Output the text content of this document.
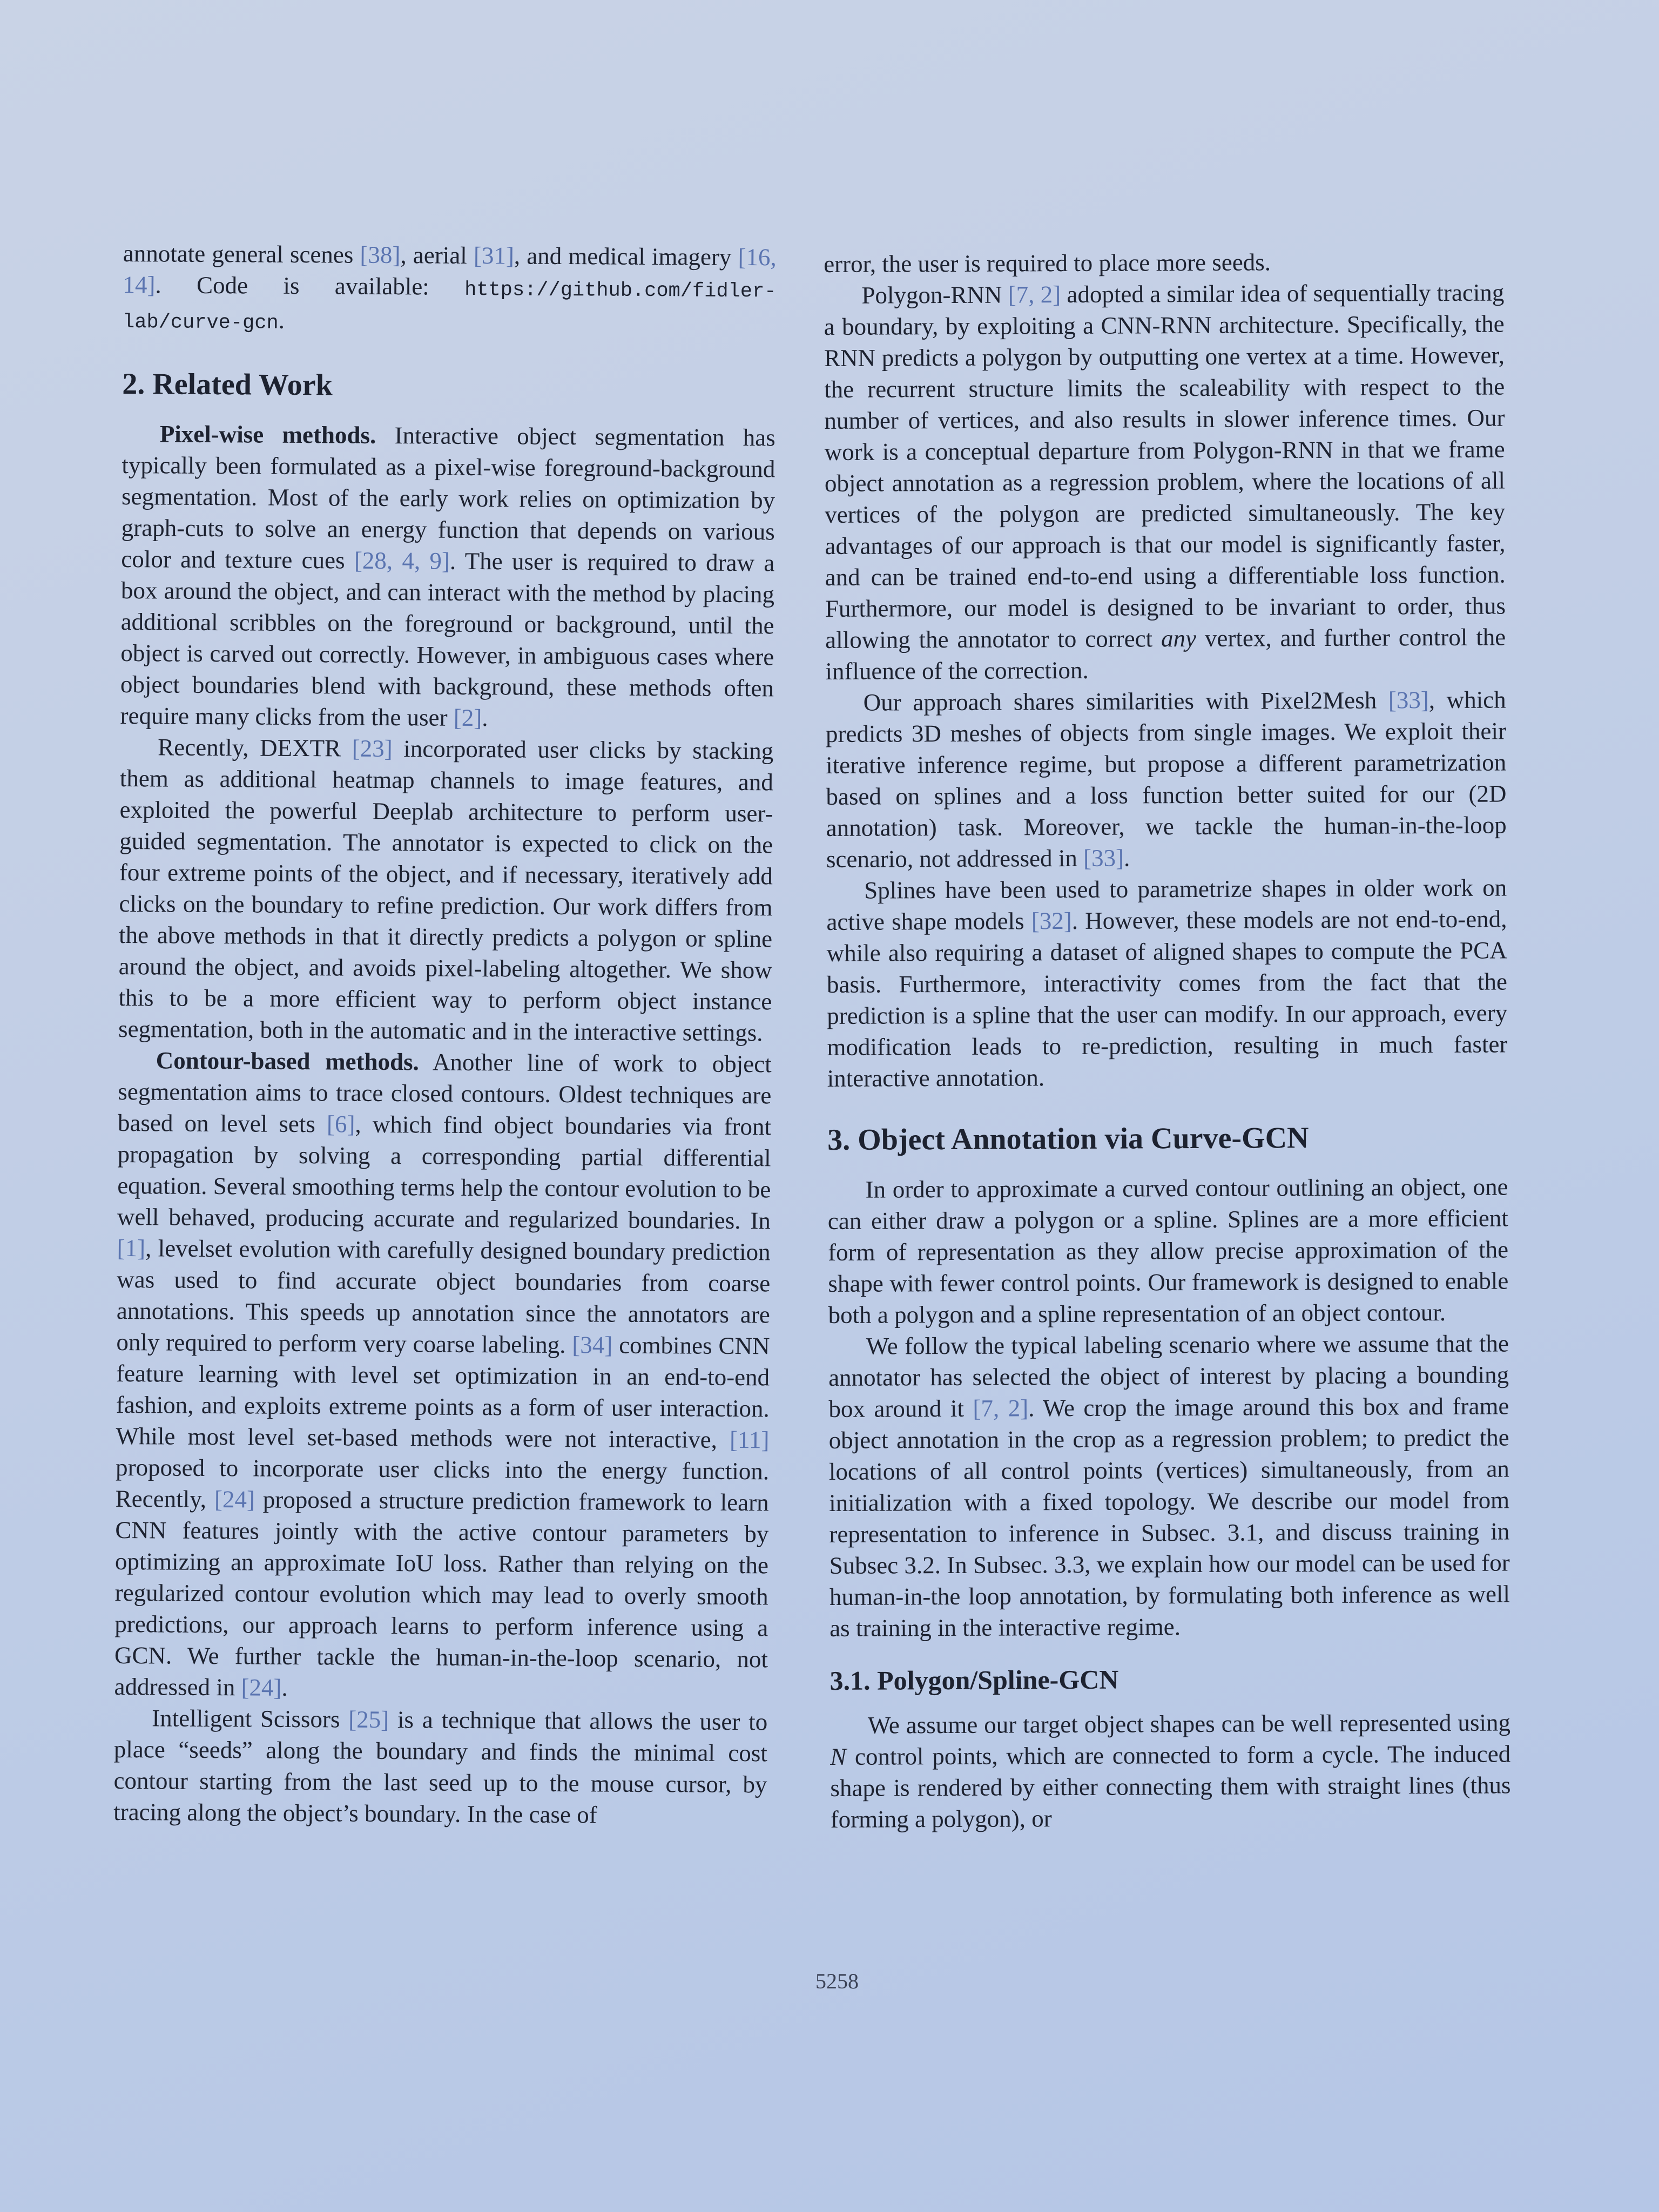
annotate general scenes [38], aerial [31], and medical imagery [16, 14]. Code is available: https://github.com/fidler-lab/curve-gcn.

2. Related Work

Pixel-wise methods. Interactive object segmentation has typically been formulated as a pixel-wise foreground-background segmentation. Most of the early work relies on optimization by graph-cuts to solve an energy function that depends on various color and texture cues [28, 4, 9]. The user is required to draw a box around the object, and can interact with the method by placing additional scribbles on the foreground or background, until the object is carved out correctly. However, in ambiguous cases where object boundaries blend with background, these methods often require many clicks from the user [2].

Recently, DEXTR [23] incorporated user clicks by stacking them as additional heatmap channels to image features, and exploited the powerful Deeplab architecture to perform user-guided segmentation. The annotator is expected to click on the four extreme points of the object, and if necessary, iteratively add clicks on the boundary to refine prediction. Our work differs from the above methods in that it directly predicts a polygon or spline around the object, and avoids pixel-labeling altogether. We show this to be a more efficient way to perform object instance segmentation, both in the automatic and in the interactive settings.

Contour-based methods. Another line of work to object segmentation aims to trace closed contours. Oldest techniques are based on level sets [6], which find object boundaries via front propagation by solving a corresponding partial differential equation. Several smoothing terms help the contour evolution to be well behaved, producing accurate and regularized boundaries. In [1], levelset evolution with carefully designed boundary prediction was used to find accurate object boundaries from coarse annotations. This speeds up annotation since the annotators are only required to perform very coarse labeling. [34] combines CNN feature learning with level set optimization in an end-to-end fashion, and exploits extreme points as a form of user interaction. While most level set-based methods were not interactive, [11] proposed to incorporate user clicks into the energy function. Recently, [24] proposed a structure prediction framework to learn CNN features jointly with the active contour parameters by optimizing an approximate IoU loss. Rather than relying on the regularized contour evolution which may lead to overly smooth predictions, our approach learns to perform inference using a GCN. We further tackle the human-in-the-loop scenario, not addressed in [24].

Intelligent Scissors [25] is a technique that allows the user to place “seeds” along the boundary and finds the minimal cost contour starting from the last seed up to the mouse cursor, by tracing along the object’s boundary. In the case of

error, the user is required to place more seeds.

Polygon-RNN [7, 2] adopted a similar idea of sequentially tracing a boundary, by exploiting a CNN-RNN architecture. Specifically, the RNN predicts a polygon by outputting one vertex at a time. However, the recurrent structure limits the scaleability with respect to the number of vertices, and also results in slower inference times. Our work is a conceptual departure from Polygon-RNN in that we frame object annotation as a regression problem, where the locations of all vertices of the polygon are predicted simultaneously. The key advantages of our approach is that our model is significantly faster, and can be trained end-to-end using a differentiable loss function. Furthermore, our model is designed to be invariant to order, thus allowing the annotator to correct any vertex, and further control the influence of the correction.

Our approach shares similarities with Pixel2Mesh [33], which predicts 3D meshes of objects from single images. We exploit their iterative inference regime, but propose a different parametrization based on splines and a loss function better suited for our (2D annotation) task. Moreover, we tackle the human-in-the-loop scenario, not addressed in [33].

Splines have been used to parametrize shapes in older work on active shape models [32]. However, these models are not end-to-end, while also requiring a dataset of aligned shapes to compute the PCA basis. Furthermore, interactivity comes from the fact that the prediction is a spline that the user can modify. In our approach, every modification leads to re-prediction, resulting in much faster interactive annotation.

3. Object Annotation via Curve-GCN

In order to approximate a curved contour outlining an object, one can either draw a polygon or a spline. Splines are a more efficient form of representation as they allow precise approximation of the shape with fewer control points. Our framework is designed to enable both a polygon and a spline representation of an object contour.

We follow the typical labeling scenario where we assume that the annotator has selected the object of interest by placing a bounding box around it [7, 2]. We crop the image around this box and frame object annotation in the crop as a regression problem; to predict the locations of all control points (vertices) simultaneously, from an initialization with a fixed topology. We describe our model from representation to inference in Subsec. 3.1, and discuss training in Subsec 3.2. In Subsec. 3.3, we explain how our model can be used for human-in-the loop annotation, by formulating both inference as well as training in the interactive regime.

3.1. Polygon/Spline-GCN

We assume our target object shapes can be well represented using N control points, which are connected to form a cycle. The induced shape is rendered by either connecting them with straight lines (thus forming a polygon), or

5258
